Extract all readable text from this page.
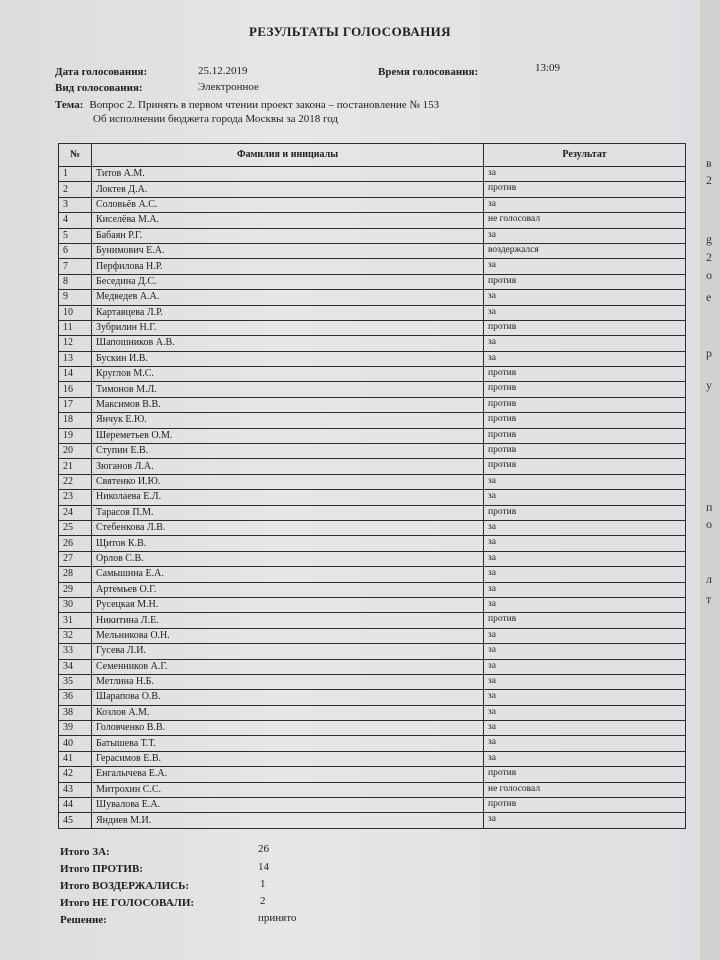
РЕЗУЛЬТАТЫ ГОЛОСОВАНИЯ
Дата голосования:	25.12.2019	Время голосования:	13:09
Вид голосования:	Электронное
Тема: Вопрос 2. Принять в первом чтении проект закона – постановление № 153
Об исполнении бюджета города Москвы за 2018 год
№	Фамилия и инициалы	Результат
1	Титов А.М.	за
2	Локтев Д.А.	против
3	Соловьёв А.С.	за
4	Киселёва М.А.	не голосовал
5	Бабаян Р.Г.	за
6	Бунимович Е.А.	воздержался
7	Перфилова Н.Р.	за
8	Беседина Д.С.	против
9	Медведев А.А.	за
10	Картавцева Л.Р.	за
11	Зубрилин Н.Г.	против
12	Шапошников А.В.	за
13	Бускин И.В.	за
14	Круглов М.С.	против
16	Тимонов М.Л.	против
17	Максимов В.В.	против
18	Янчук Е.Ю.	против
19	Шереметьев О.М.	против
20	Ступин Е.В.	против
21	Зюганов Л.А.	против
22	Святенко И.Ю.	за
23	Николаева Е.Л.	за
24	Тарасов П.М.	против
25	Стебенкова Л.В.	за
26	Щитов К.В.	за
27	Орлов С.В.	за
28	Самышина Е.А.	за
29	Артемьев О.Г.	за
30	Русецкая М.Н.	за
31	Никитина Л.Е.	против
32	Мельникова О.Н.	за
33	Гусева Л.И.	за
34	Семенников А.Г.	за
35	Метлина Н.Б.	за
36	Шарапова О.В.	за
38	Козлов А.М.	за
39	Головченко В.В.	за
40	Батышева Т.Т.	за
41	Герасимов Е.В.	за
42	Енгалычева Е.А.	против
43	Митрохин С.С.	не голосовал
44	Шувалова Е.А.	против
45	Яндиев М.И.	за
Итого ЗА:	26
Итого ПРОТИВ:	14
Итого ВОЗДЕРЖАЛИСЬ:	1
Итого НЕ ГОЛОСОВАЛИ:	2
Решение:	принято
в
2
g
2
о
е
р
у
п
о
л
т
